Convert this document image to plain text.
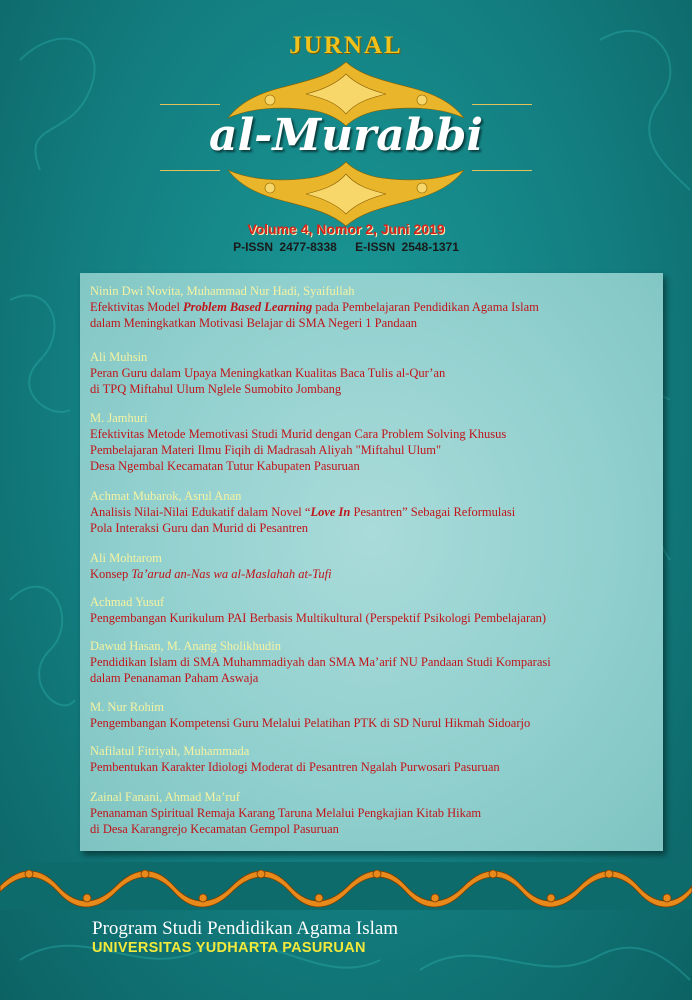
JURNAL
al-Murabbi
Volume 4, Nomor 2, Juni 2019
P-ISSN 2477-8338 E-ISSN 2548-1371
Ninin Dwi Novita, Muhammad Nur Hadi, Syaifullah
Efektivitas Model Problem Based Learning pada Pembelajaran Pendidikan Agama Islam
dalam Meningkatkan Motivasi Belajar di SMA Negeri 1 Pandaan
Ali Muhsin
Peran Guru dalam Upaya Meningkatkan Kualitas Baca Tulis al-Qur’an
di TPQ Miftahul Ulum Nglele Sumobito Jombang
M. Jamhuri
Efektivitas Metode Memotivasi Studi Murid dengan Cara Problem Solving Khusus
Pembelajaran Materi Ilmu Fiqih di Madrasah Aliyah "Miftahul Ulum"
Desa Ngembal Kecamatan Tutur Kabupaten Pasuruan
Achmat Mubarok, Asrul Anan
Analisis Nilai-Nilai Edukatif dalam Novel “Love In Pesantren” Sebagai Reformulasi
Pola Interaksi Guru dan Murid di Pesantren
Ali Mohtarom
Konsep Ta’arud an-Nas wa al-Maslahah at-Tufi
Achmad Yusuf
Pengembangan Kurikulum PAI Berbasis Multikultural (Perspektif Psikologi Pembelajaran)
Dawud Hasan, M. Anang Sholikhudin
Pendidikan Islam di SMA Muhammadiyah dan SMA Ma’arif NU Pandaan Studi Komparasi
dalam Penanaman Paham Aswaja
M. Nur Rohim
Pengembangan Kompetensi Guru Melalui Pelatihan PTK di SD Nurul Hikmah Sidoarjo
Nafilatul Fitriyah, Muhammada
Pembentukan Karakter Idiologi Moderat di Pesantren Ngalah Purwosari Pasuruan
Zainal Fanani, Ahmad Ma’ruf
Penanaman Spiritual Remaja Karang Taruna Melalui Pengkajian Kitab Hikam
di Desa Karangrejo Kecamatan Gempol Pasuruan
Program Studi Pendidikan Agama Islam
UNIVERSITAS YUDHARTA PASURUAN
